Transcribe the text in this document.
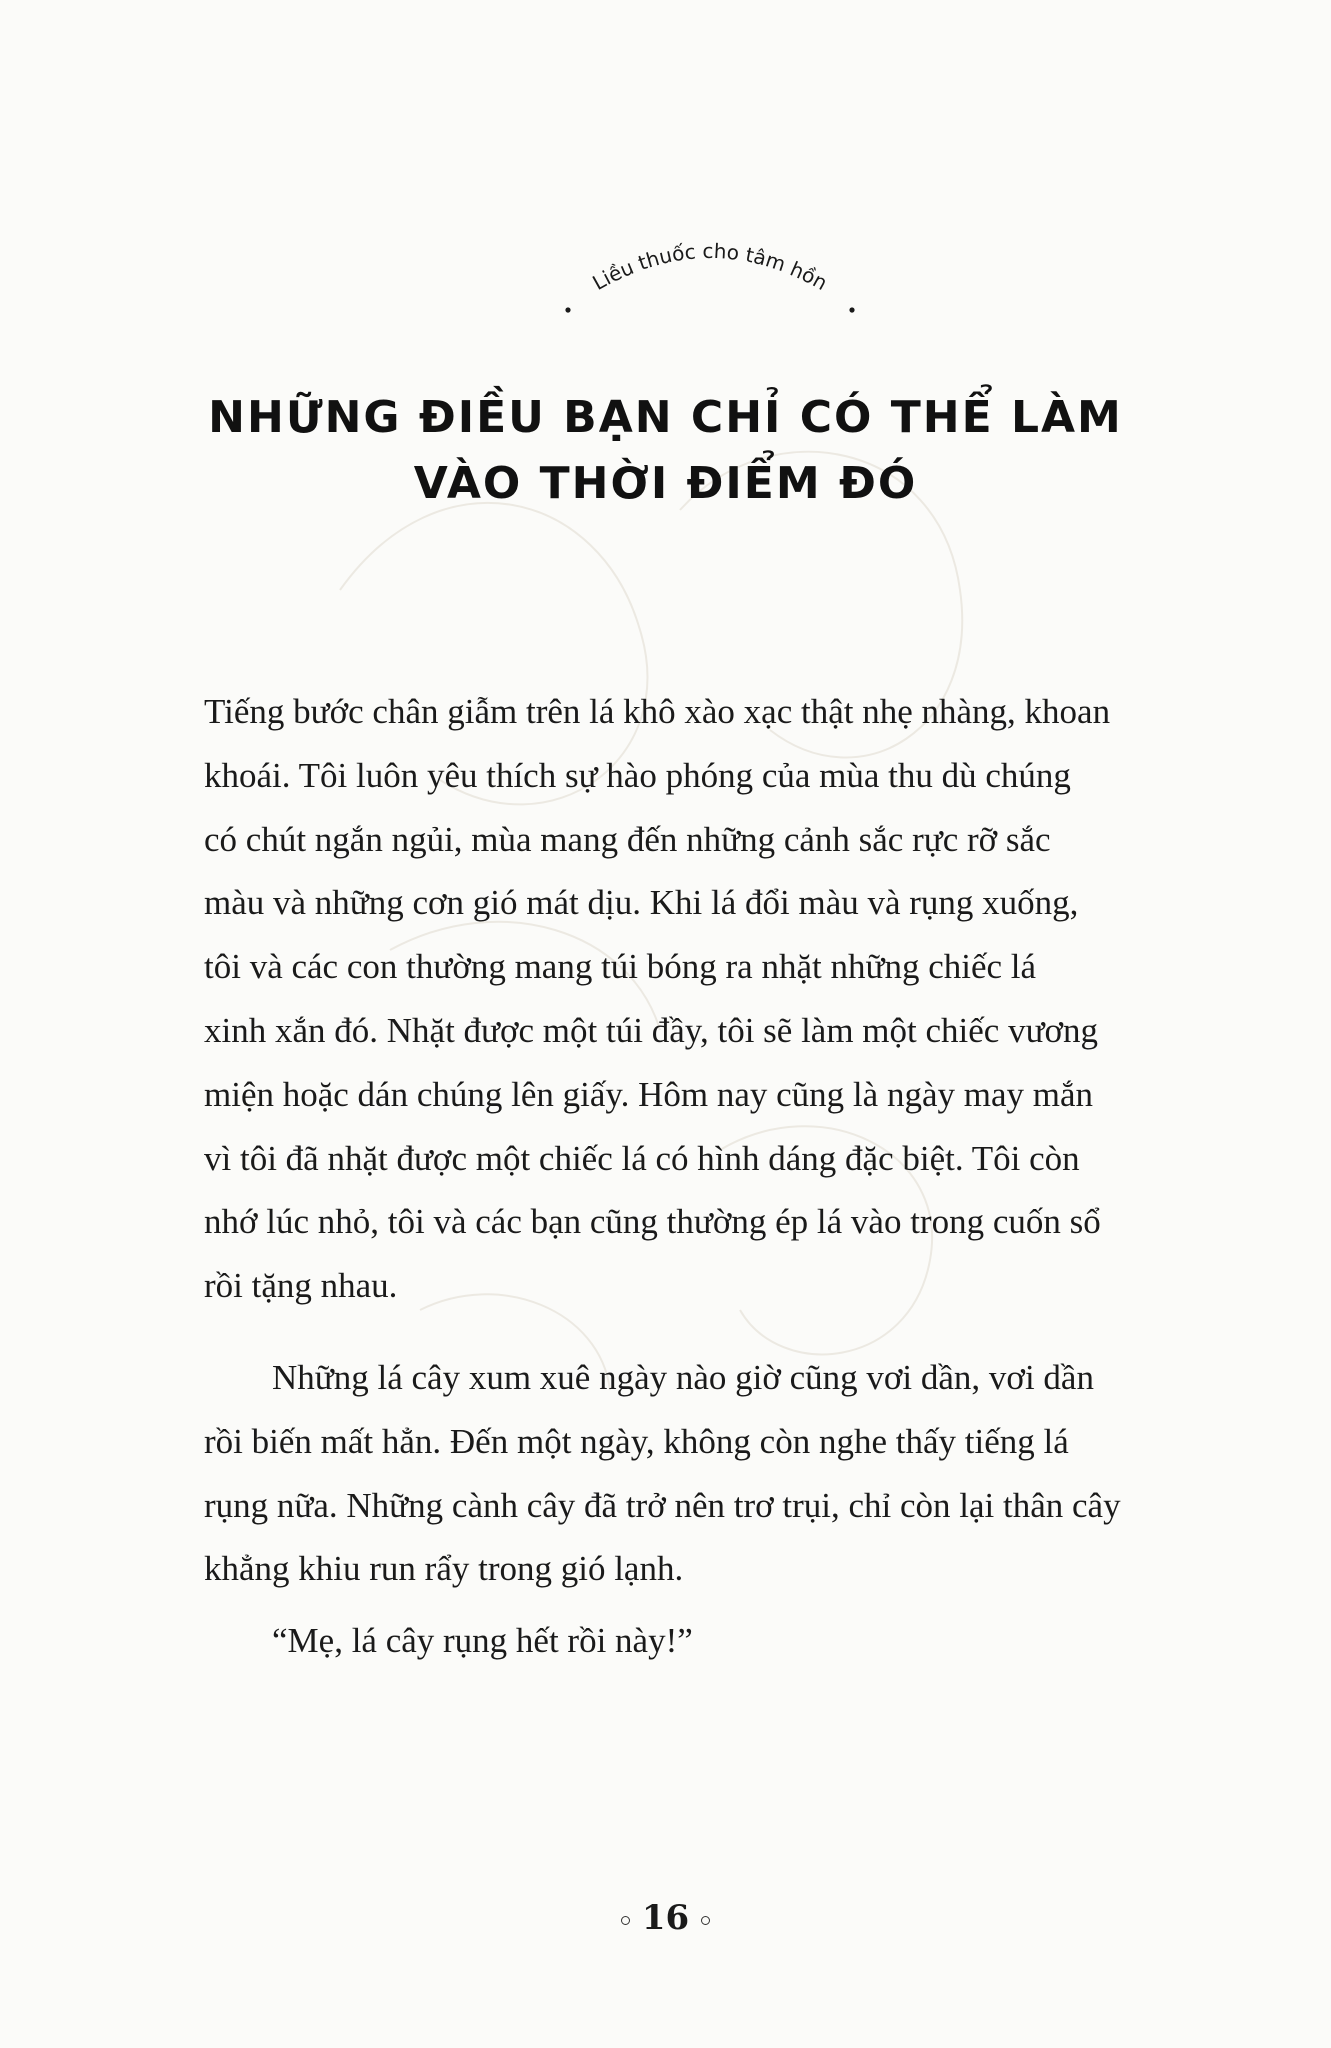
Liều thuốc cho tâm hồn
NHỮNG ĐIỀU BẠN CHỈ CÓ THỂ LÀM
VÀO THỜI ĐIỂM ĐÓ

Tiếng bước chân giẫm trên lá khô xào xạc thật nhẹ nhàng, khoan
khoái. Tôi luôn yêu thích sự hào phóng của mùa thu dù chúng
có chút ngắn ngủi, mùa mang đến những cảnh sắc rực rỡ sắc
màu và những cơn gió mát dịu. Khi lá đổi màu và rụng xuống,
tôi và các con thường mang túi bóng ra nhặt những chiếc lá
xinh xắn đó. Nhặt được một túi đầy, tôi sẽ làm một chiếc vương
miện hoặc dán chúng lên giấy. Hôm nay cũng là ngày may mắn
vì tôi đã nhặt được một chiếc lá có hình dáng đặc biệt. Tôi còn
nhớ lúc nhỏ, tôi và các bạn cũng thường ép lá vào trong cuốn sổ
rồi tặng nhau.

Những lá cây xum xuê ngày nào giờ cũng vơi dần, vơi dần
rồi biến mất hẳn. Đến một ngày, không còn nghe thấy tiếng lá
rụng nữa. Những cành cây đã trở nên trơ trụi, chỉ còn lại thân cây
khẳng khiu run rẩy trong gió lạnh.

“Mẹ, lá cây rụng hết rồi này!”

16
